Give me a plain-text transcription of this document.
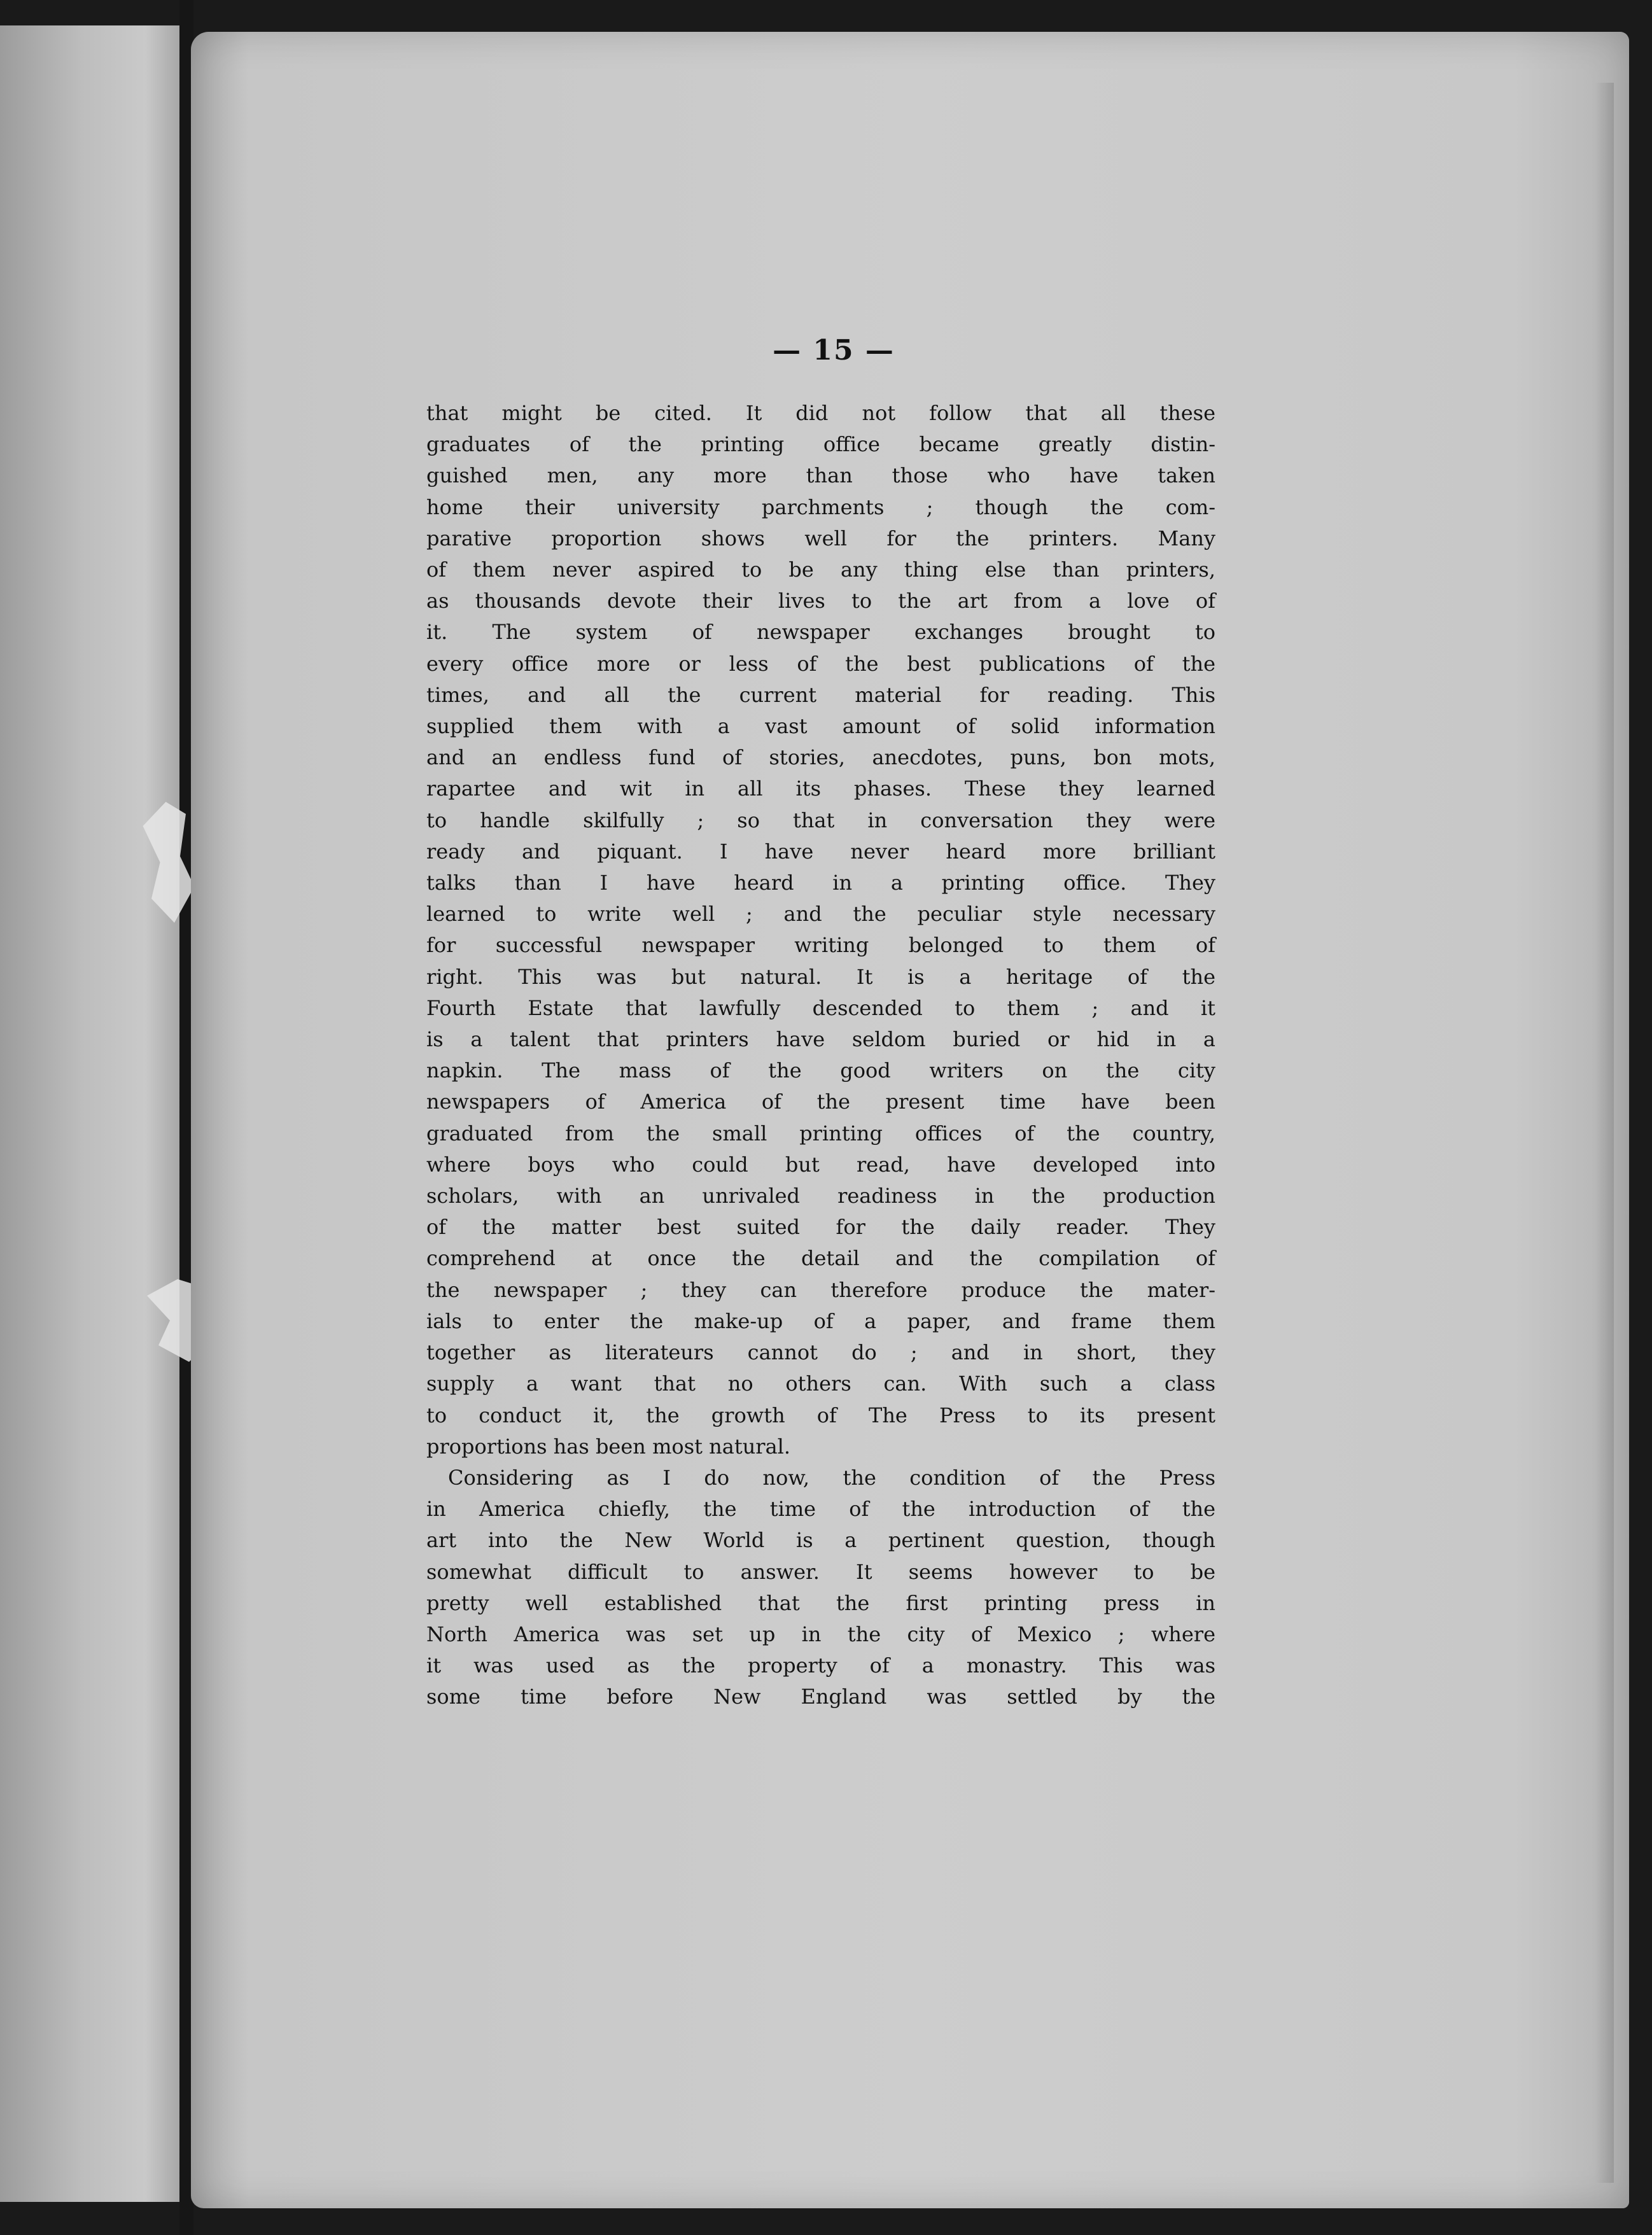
— 15 —
that might be cited. It did not follow that all these
graduates of the printing office became greatly distin-
guished men, any more than those who have taken
home their university parchments ; though the com-
parative proportion shows well for the printers. Many
of them never aspired to be any thing else than printers,
as thousands devote their lives to the art from a love of
it. The system of newspaper exchanges brought to
every office more or less of the best publications of the
times, and all the current material for reading. This
supplied them with a vast amount of solid information
and an endless fund of stories, anecdotes, puns, bon mots,
rapartee and wit in all its phases. These they learned
to handle skilfully ; so that in conversation they were
ready and piquant. I have never heard more brilliant
talks than I have heard in a printing office. They
learned to write well ; and the peculiar style necessary
for successful newspaper writing belonged to them of
right. This was but natural. It is a heritage of the
Fourth Estate that lawfully descended to them ; and it
is a talent that printers have seldom buried or hid in a
napkin. The mass of the good writers on the city
newspapers of America of the present time have been
graduated from the small printing offices of the country,
where boys who could but read, have developed into
scholars, with an unrivaled readiness in the production
of the matter best suited for the daily reader. They
comprehend at once the detail and the compilation of
the newspaper ; they can therefore produce the mater-
ials to enter the make-up of a paper, and frame them
together as literateurs cannot do ; and in short, they
supply a want that no others can. With such a class
to conduct it, the growth of The Press to its present
proportions has been most natural.
Considering as I do now, the condition of the Press
in America chiefly, the time of the introduction of the
art into the New World is a pertinent question, though
somewhat difficult to answer. It seems however to be
pretty well established that the first printing press in
North America was set up in the city of Mexico ; where
it was used as the property of a monastry. This was
some time before New England was settled by the
